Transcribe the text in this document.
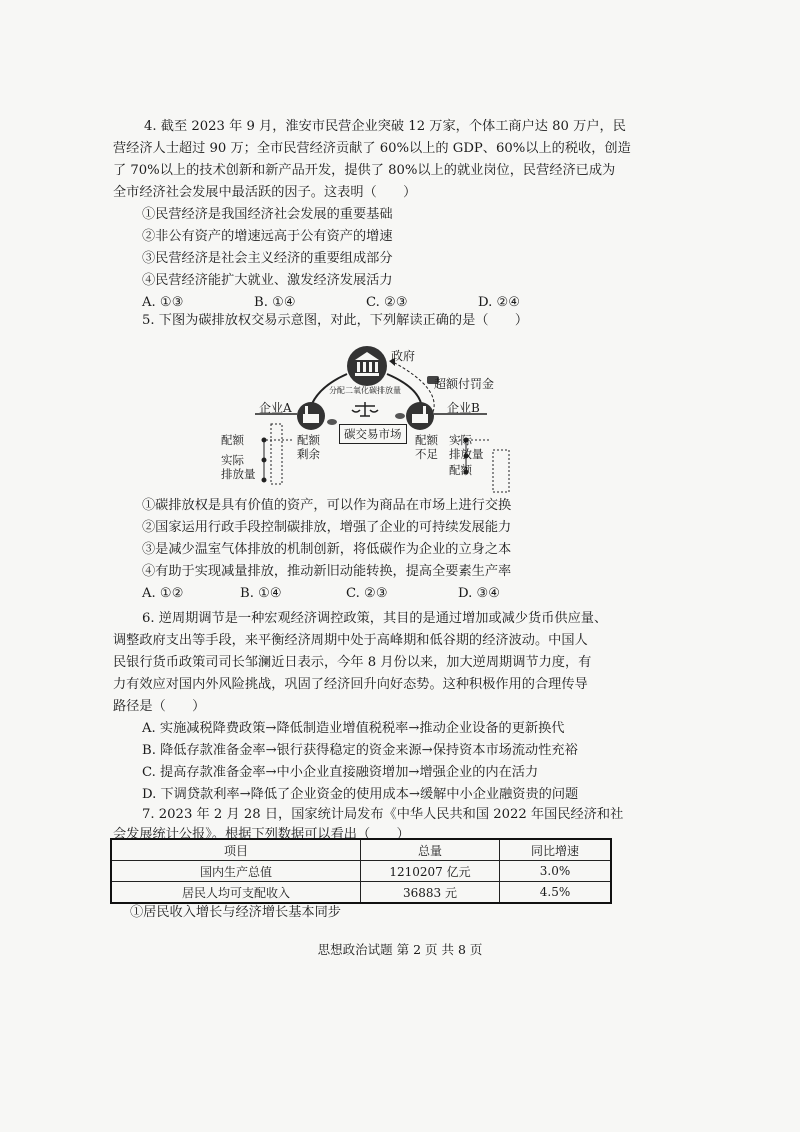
4. 截至 2023 年 9 月，淮安市民营企业突破 12 万家，个体工商户达 80 万户，民
营经济人士超过 90 万；全市民营经济贡献了 60%以上的 GDP、60%以上的税收，创造
了 70%以上的技术创新和新产品开发，提供了 80%以上的就业岗位，民营经济已成为
全市经济社会发展中最活跃的因子。这表明（　　）
①民营经济是我国经济社会发展的重要基础
②非公有资产的增速远高于公有资产的增速
③民营经济是社会主义经济的重要组成部分
④民营经济能扩大就业、激发经济发展活力
A. ①③	B. ①④	C. ②③	D. ②④
5. 下图为碳排放权交易示意图，对此，下列解读正确的是（　　）
政府
分配二氧化碳排放量	超额付罚金
企业A	企业B
碳交易市场
配额
实际
排放量
配额
剩余
配额
不足
实际
排放量
配额
①碳排放权是具有价值的资产，可以作为商品在市场上进行交换
②国家运用行政手段控制碳排放，增强了企业的可持续发展能力
③是减少温室气体排放的机制创新，将低碳作为企业的立身之本
④有助于实现减量排放，推动新旧动能转换，提高全要素生产率
A. ①②	B. ①④	C. ②③	D. ③④
6. 逆周期调节是一种宏观经济调控政策，其目的是通过增加或减少货币供应量、
调整政府支出等手段，来平衡经济周期中处于高峰期和低谷期的经济波动。中国人
民银行货币政策司司长邹澜近日表示，今年 8 月份以来，加大逆周期调节力度，有
力有效应对国内外风险挑战，巩固了经济回升向好态势。这种积极作用的合理传导
路径是（　　）
A. 实施减税降费政策→降低制造业增值税税率→推动企业设备的更新换代
B. 降低存款准备金率→银行获得稳定的资金来源→保持资本市场流动性充裕
C. 提高存款准备金率→中小企业直接融资增加→增强企业的内在活力
D. 下调贷款利率→降低了企业资金的使用成本→缓解中小企业融资贵的问题
7. 2023 年 2 月 28 日，国家统计局发布《中华人民共和国 2022 年国民经济和社
会发展统计公报》。根据下列数据可以看出（　　）
项目	总量	同比增速
国内生产总值	1210207 亿元	3.0%
居民人均可支配收入	36883 元	4.5%
①居民收入增长与经济增长基本同步
思想政治试题 第 2 页 共 8 页
